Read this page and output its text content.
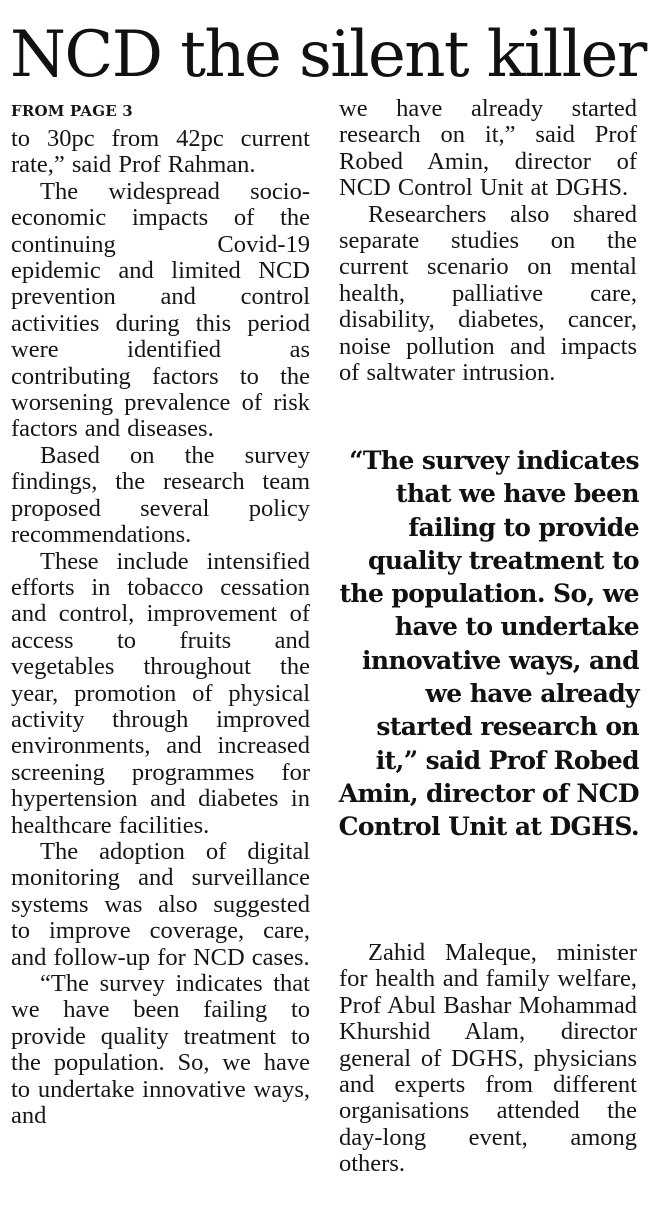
NCD the silent killer
FROM PAGE 3

to 30pc from 42pc current rate,” said Prof Rahman.

The widespread socio-economic impacts of the continuing Covid-19 epidemic and limited NCD prevention and control activities during this period were identified as contributing factors to the worsening prevalence of risk factors and diseases.

Based on the survey findings, the research team proposed several policy recommendations.

These include intensified efforts in tobacco cessation and control, improvement of access to fruits and vegetables throughout the year, promotion of physical activity through improved environments, and increased screening programmes for hypertension and diabetes in healthcare facilities.

The adoption of digital monitoring and surveillance systems was also suggested to improve coverage, care, and follow-up for NCD cases.

“The survey indicates that we have been failing to provide quality treatment to the population. So, we have to undertake innovative ways, and

we have already started research on it,” said Prof Robed Amin, director of NCD Control Unit at DGHS.

Researchers also shared separate studies on the current scenario on mental health, palliative care, disability, diabetes, cancer, noise pollution and impacts of saltwater intrusion.

“The survey indicates that we have been failing to provide quality treatment to the population. So, we have to undertake innovative ways, and we have already started research on it,” said Prof Robed Amin, director of NCD Control Unit at DGHS.

Zahid Maleque, minister for health and family welfare, Prof Abul Bashar Mohammad Khurshid Alam, director general of DGHS, physicians and experts from different organisations attended the day-long event, among others.
